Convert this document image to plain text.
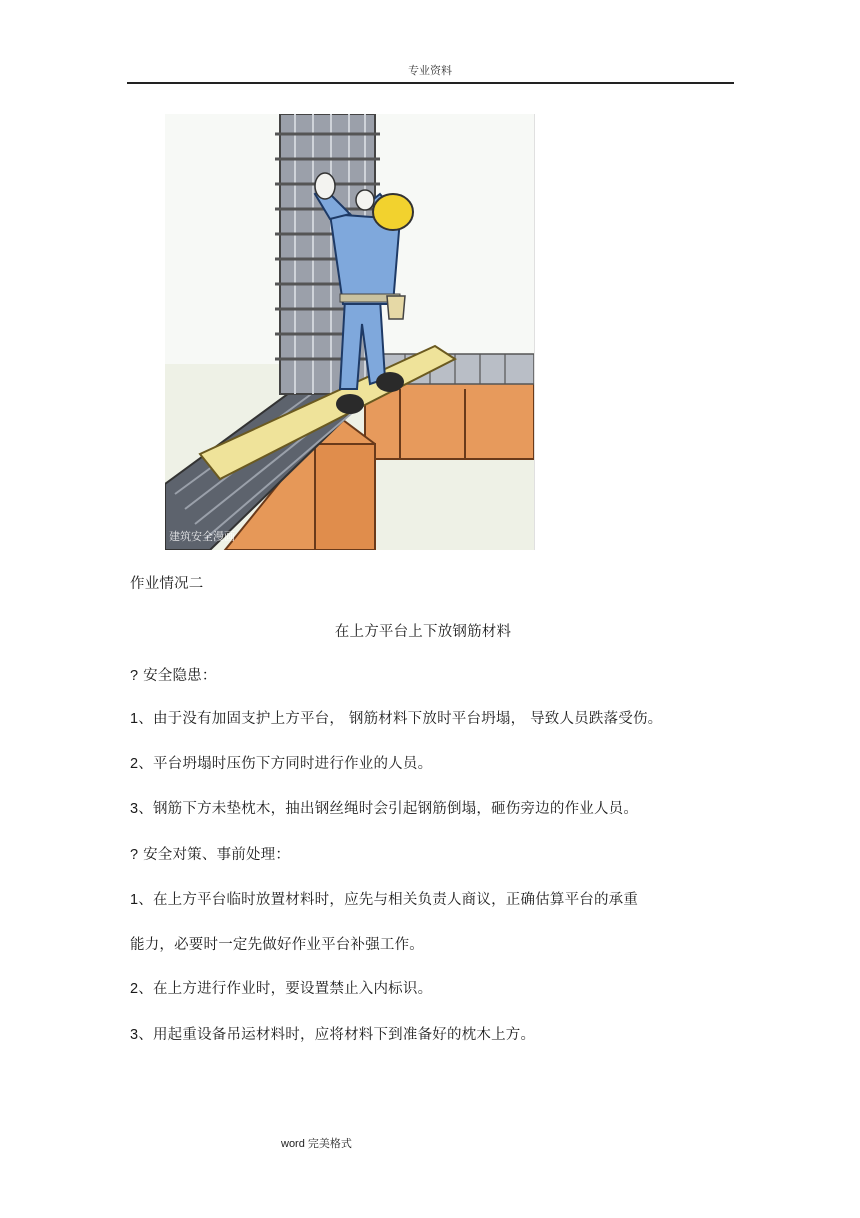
专业资料
建筑安全漫画
作业情况二
在上方平台上下放钢筋材料
? 安全隐患：
1、由于没有加固支护上方平台， 钢筋材料下放时平台坍塌， 导致人员跌落受伤。
2、平台坍塌时压伤下方同时进行作业的人员。
3、钢筋下方未垫枕木，抽出钢丝绳时会引起钢筋倒塌，砸伤旁边的作业人员。
? 安全对策、事前处理：
1、在上方平台临时放置材料时，应先与相关负责人商议，正确估算平台的承重
能力，必要时一定先做好作业平台补强工作。
2、在上方进行作业时，要设置禁止入内标识。
3、用起重设备吊运材料时，应将材料下到准备好的枕木上方。
word 完美格式
